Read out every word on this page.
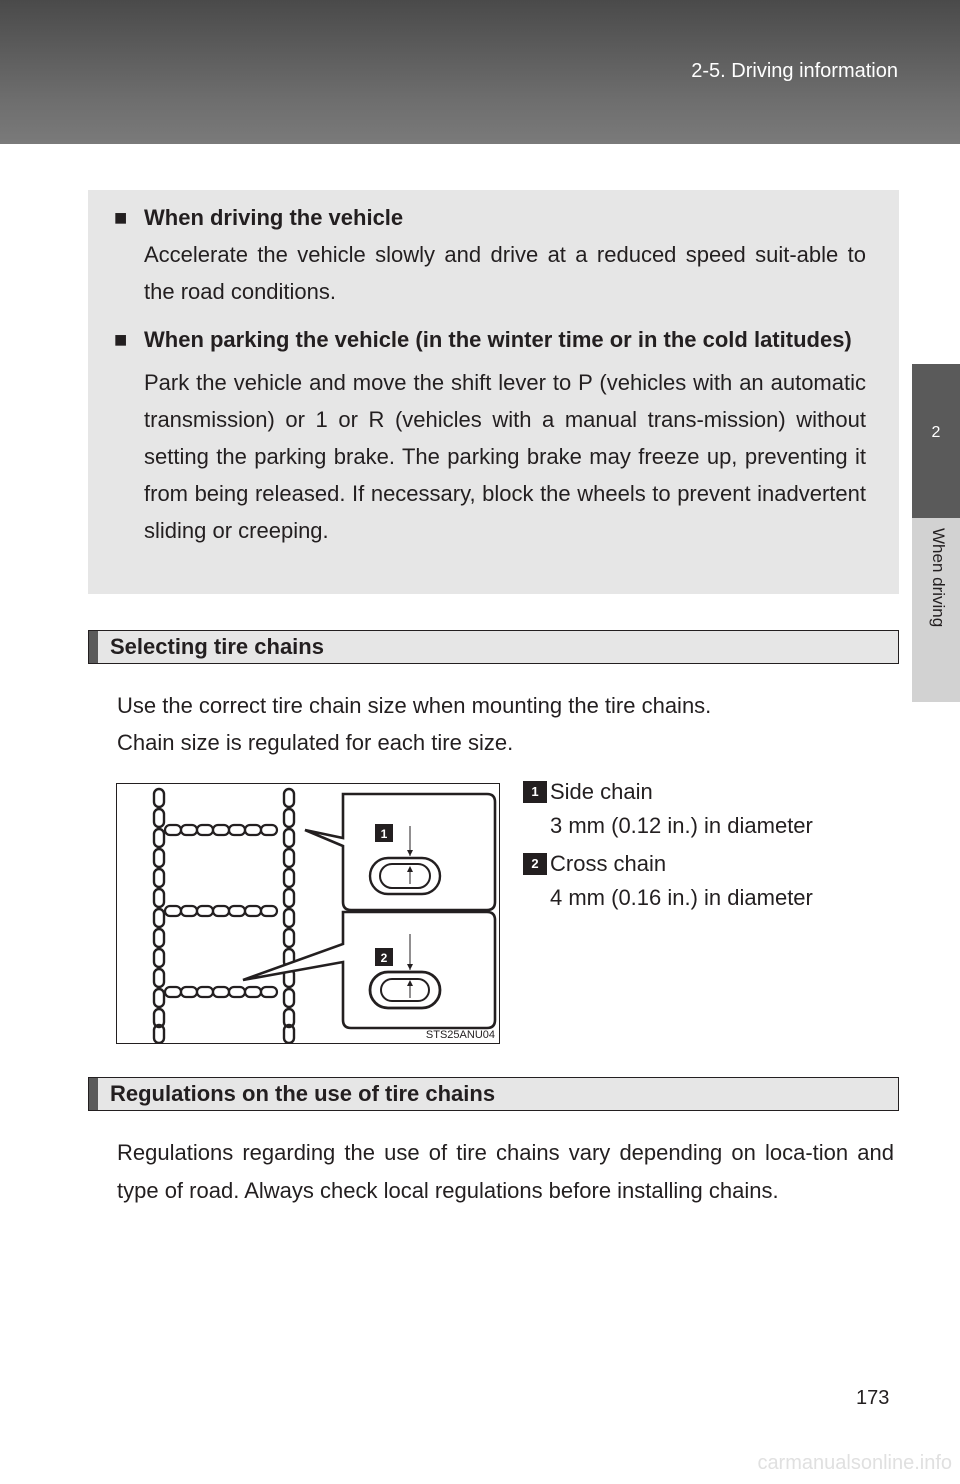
2-5. Driving information
2
When driving
■ When driving the vehicle
Accelerate the vehicle slowly and drive at a reduced speed suit-able to the road conditions.
■ When parking the vehicle (in the winter time or in the cold latitudes)
Park the vehicle and move the shift lever to P (vehicles with an automatic transmission) or 1 or R (vehicles with a manual trans-mission) without setting the parking brake. The parking brake may freeze up, preventing it from being released. If necessary, block the wheels to prevent inadvertent sliding or creeping.
Selecting tire chains
Use the correct tire chain size when mounting the tire chains.
Chain size is regulated for each tire size.
1
2
STS25ANU04
1 Side chain
3 mm (0.12 in.) in diameter
2 Cross chain
4 mm (0.16 in.) in diameter
Regulations on the use of tire chains
Regulations regarding the use of tire chains vary depending on loca-tion and type of road. Always check local regulations before installing chains.
173
carmanualsonline.info
